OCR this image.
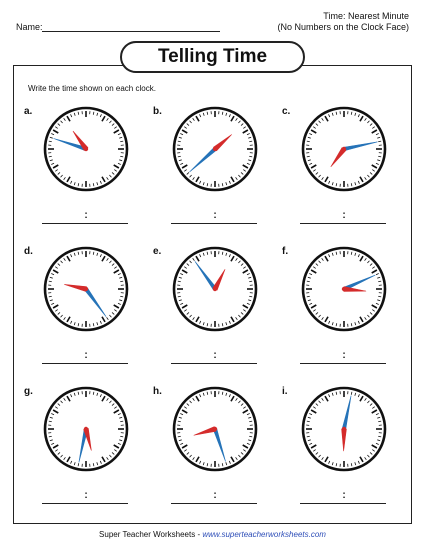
Name:
Time: Nearest Minute
(No Numbers on the Clock Face)
Telling Time
Write the time shown on each clock.
a.
:
b.
:
c.
:
d.
:
e.
:
f.
:
g.
:
h.
:
i.
:
Super Teacher Worksheets - www.superteacherworksheets.com
